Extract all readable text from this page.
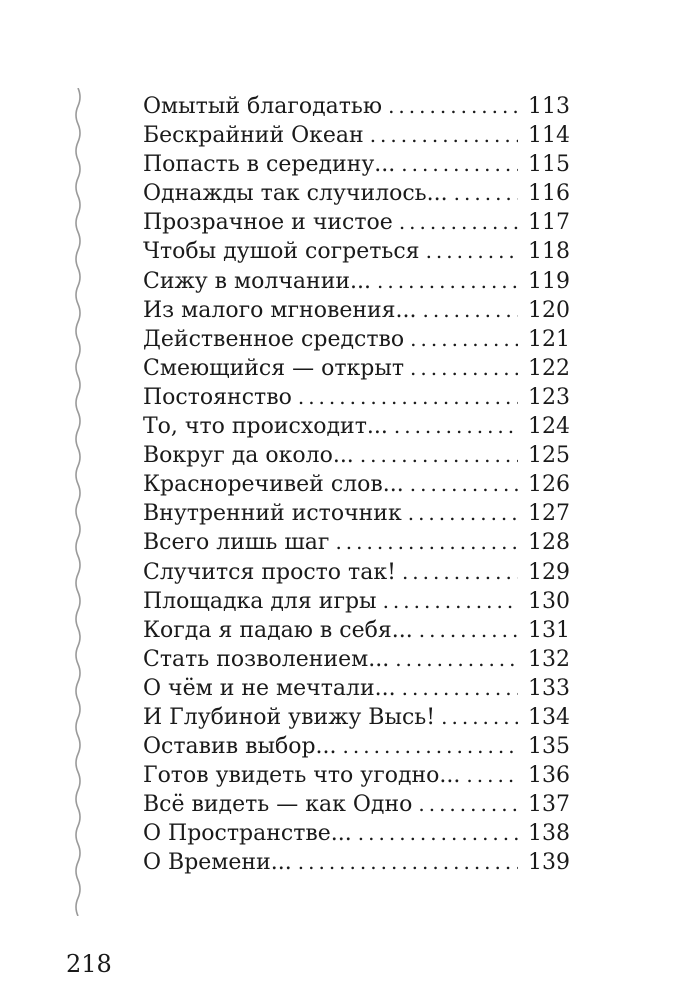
Омытый благодатью .....	113
Бескрайний Океан .....	114
Попасть в середину... .....	115
Однажды так случилось... .....	116
Прозрачное и чистое .....	117
Чтобы душой согреться .....	118
Сижу в молчании... .....	119
Из малого мгновения... .....	120
Действенное средство .....	121
Смеющийся — открыт .....	122
Постоянство .....	123
То, что происходит... .....	124
Вокруг да около... .....	125
Красноречивей слов... .....	126
Внутренний источник .....	127
Всего лишь шаг .....	128
Случится просто так! .....	129
Площадка для игры .....	130
Когда я падаю в себя... .....	131
Стать позволением... .....	132
О чём и не мечтали... .....	133
И Глубиной увижу Высь! .....	134
Оставив выбор... .....	135
Готов увидеть что угодно... .....	136
Всё видеть — как Одно .....	137
О Пространстве... .....	138
О Времени... .....	139
218
